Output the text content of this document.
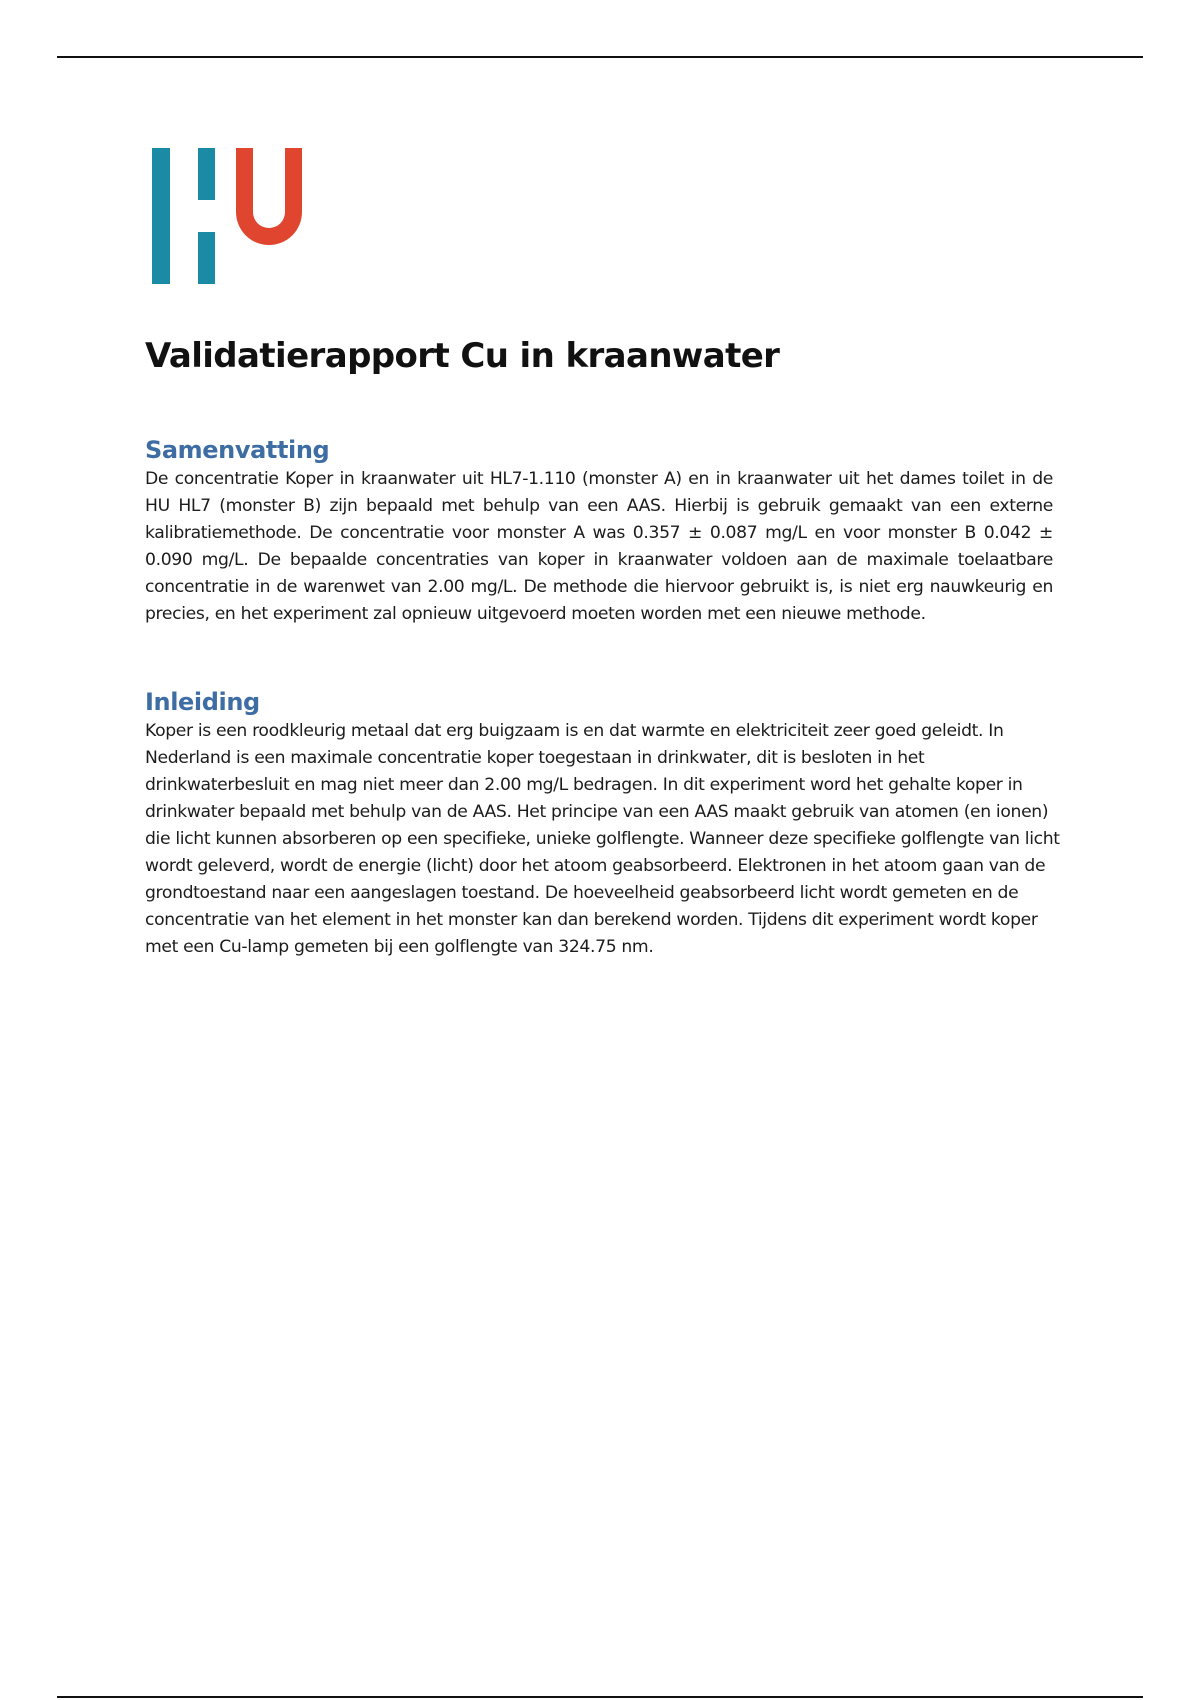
Validatierapport Cu in kraanwater
Samenvatting

De concentratie Koper in kraanwater uit HL7-1.110 (monster A) en in kraanwater uit het dames toilet in de HU HL7 (monster B) zijn bepaald met behulp van een AAS. Hierbij is gebruik gemaakt van een externe kalibratiemethode. De concentratie voor monster A was 0.357 ± 0.087 mg/L en voor monster B 0.042 ± 0.090 mg/L. De bepaalde concentraties van koper in kraanwater voldoen aan de maximale toelaatbare concentratie in de warenwet van 2.00 mg/L. De methode die hiervoor gebruikt is, is niet erg nauwkeurig en precies, en het experiment zal opnieuw uitgevoerd moeten worden met een nieuwe methode.

Inleiding

Koper is een roodkleurig metaal dat erg buigzaam is en dat warmte en elektriciteit zeer goed geleidt. In Nederland is een maximale concentratie koper toegestaan in drinkwater, dit is besloten in het drinkwaterbesluit en mag niet meer dan 2.00 mg/L bedragen. In dit experiment word het gehalte koper in drinkwater bepaald met behulp van de AAS. Het principe van een AAS maakt gebruik van atomen (en ionen) die licht kunnen absorberen op een specifieke, unieke golflengte. Wanneer deze specifieke golflengte van licht wordt geleverd, wordt de energie (licht) door het atoom geabsorbeerd. Elektronen in het atoom gaan van de grondtoestand naar een aangeslagen toestand. De hoeveelheid geabsorbeerd licht wordt gemeten en de concentratie van het element in het monster kan dan berekend worden. Tijdens dit experiment wordt koper met een Cu-lamp gemeten bij een golflengte van 324.75 nm.
